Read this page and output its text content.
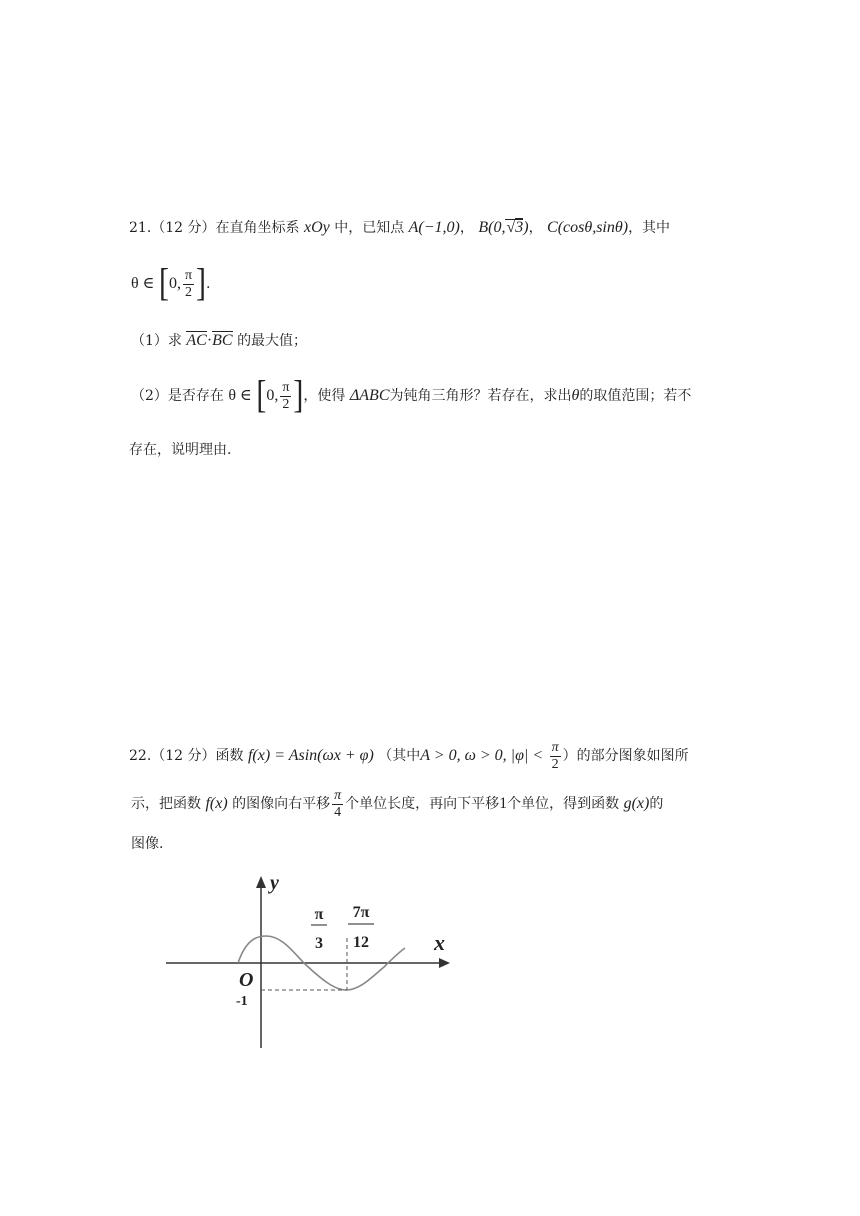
21.（12 分）在直角坐标系 xOy 中，已知点 A(−1,0)， B(0,√3)， C(cosθ,sinθ)，其中
θ ∈ [0, $\frac{\pi}{2}$ ].
（1）求 AC·BC 的最大值；
（2）是否存在 θ ∈ [0, $\frac{\pi}{2}$ ]，使得 ΔABC为钝角三角形？若存在，求出θ的取值范围；若不
存在，说明理由.
22.（12 分）函数 f(x) = Asin(ωx + φ) （其中A > 0, ω > 0, $|\varphi| < \frac{\pi}{2}$ ）的部分图象如图所
示，把函数 f(x) 的图像向右平移 $\frac{\pi}{4}$ 个单位长度，再向下平移1个单位，得到函数 g(x)的
图像.
y
x
O
-1
π
3
7π
12
